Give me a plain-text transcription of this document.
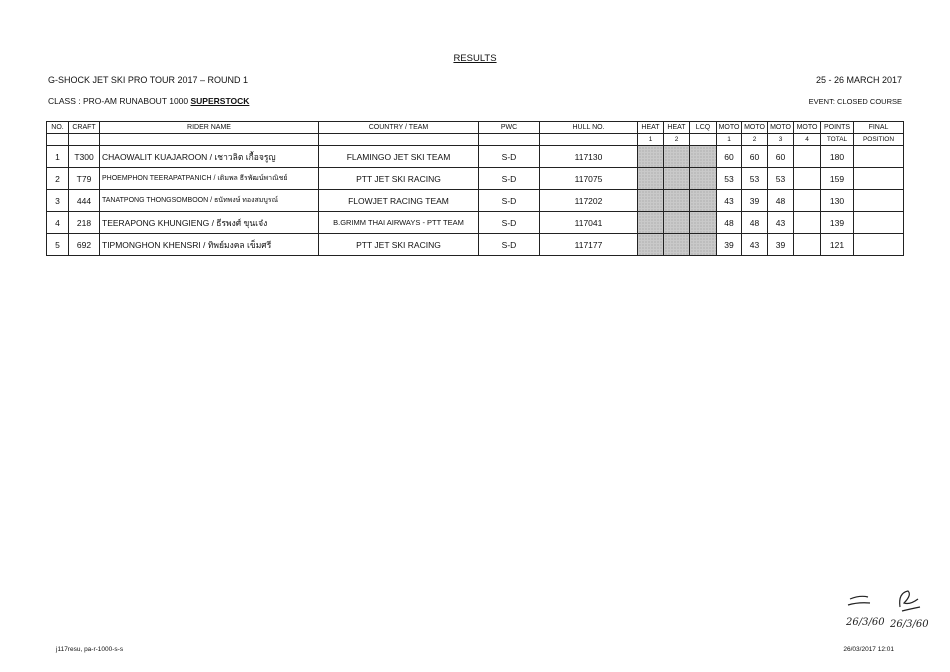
RESULTS
G-SHOCK JET SKI PRO TOUR 2017 – ROUND 1	25 - 26 MARCH 2017
CLASS : PRO-AM RUNABOUT 1000 SUPERSTOCK	EVENT: CLOSED COURSE
NO.	CRAFT	RIDER NAME	COUNTRY / TEAM	PWC	HULL NO.	HEAT	HEAT	LCQ	MOTO	MOTO	MOTO	MOTO	POINTS	FINAL
						1	2		1	2	3	4	TOTAL	POSITION
1	T300	CHAOWALIT KUAJAROON / เชาวลิต เกื้อจรูญ	FLAMINGO JET SKI TEAM	S-D	117130				60	60	60		180	
2	T79	PHOEMPHON TEERAPATPANICH / เติมพล ธีรพัฒน์พาณิชย์	PTT JET SKI RACING	S-D	117075				53	53	53		159	
3	444	TANATPONG THONGSOMBOON / ธนัทพงษ์ ทองสมบูรณ์	FLOWJET RACING TEAM	S-D	117202				43	39	48		130	
4	218	TEERAPONG KHUNGIENG / ธีรพงศ์ ขุนเจ๋ง	B.GRIMM THAI AIRWAYS - PTT TEAM	S-D	117041				48	48	43		139	
5	692	TIPMONGHON KHENSRI / ทิพย์มงคล เข็มศรี	PTT JET SKI RACING	S-D	117177				39	43	39		121	
26/3/60 26/3/60
j117resu, pa-r-1000-s-s	26/03/2017 12:01
